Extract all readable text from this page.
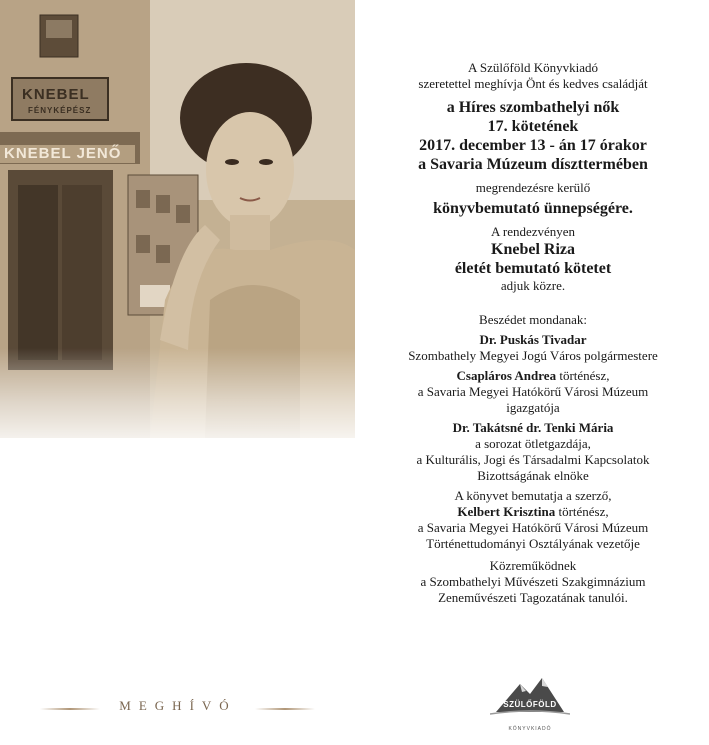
KNEBEL
FÉNYKÉPÉSZ
KNEBEL JENŐ

A Szülőföld Könyvkiadó

szeretettel meghívja Önt és kedves családját

a Híres szombathelyi nők

17. kötetének

2017. december 13 - án 17 órakor

a Savaria Múzeum díszttermében

megrendezésre kerülő

könyvbemutató ünnepségére.

A rendezvényen

Knebel Riza

életét bemutató kötetet

adjuk közre.

Beszédet mondanak:

Dr. Puskás Tivadar

Szombathely Megyei Jogú Város polgármestere

Csapláros Andrea történész,

a Savaria Megyei Hatókörű Városi Múzeum

igazgatója

Dr. Takátsné dr. Tenki Mária

a sorozat ötletgazdája,

a Kulturális, Jogi és Társadalmi Kapcsolatok

Bizottságának elnöke

A könyvet bemutatja a szerző,

Kelbert Krisztina történész,

a Savaria Megyei Hatókörű Városi Múzeum

Történettudományi Osztályának vezetője

Közreműködnek

a Szombathelyi Művészeti Szakgimnázium

Zeneművészeti Tagozatának tanulói.

MEGHÍVÓ	SZÜLŐFÖLD
KÖNYVKIADÓ
